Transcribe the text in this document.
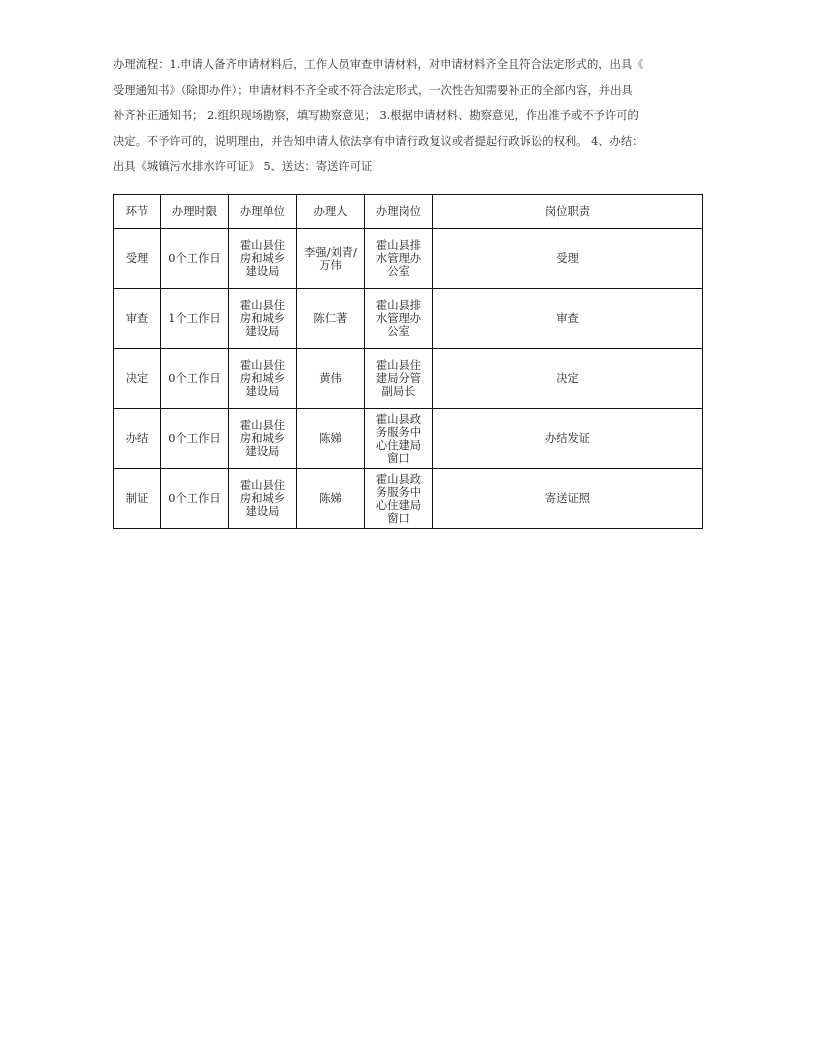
办理流程：1.申请人备齐申请材料后，工作人员审查申请材料，对申请材料齐全且符合法定形式的，出具《

受理通知书》（除即办件）；申请材料不齐全或不符合法定形式，一次性告知需要补正的全部内容，并出具

补齐补正通知书； 2.组织现场勘察，填写勘察意见； 3.根据申请材料、勘察意见，作出准予或不予许可的

决定。不予许可的，说明理由，并告知申请人依法享有申请行政复议或者提起行政诉讼的权利。 4、办结：

出具《城镇污水排水许可证》 5、送达：寄送许可证

环节	办理时限	办理单位	办理人	办理岗位	岗位职责
受理	0个工作日	霍山县住房和城乡建设局	李强/刘青/万伟	霍山县排水管理办公室	受理
审查	1个工作日	霍山县住房和城乡建设局	陈仁著	霍山县排水管理办公室	审查
决定	0个工作日	霍山县住房和城乡建设局	黄伟	霍山县住建局分管副局长	决定
办结	0个工作日	霍山县住房和城乡建设局	陈娣	霍山县政务服务中心住建局窗口	办结发证
制证	0个工作日	霍山县住房和城乡建设局	陈娣	霍山县政务服务中心住建局窗口	寄送证照
